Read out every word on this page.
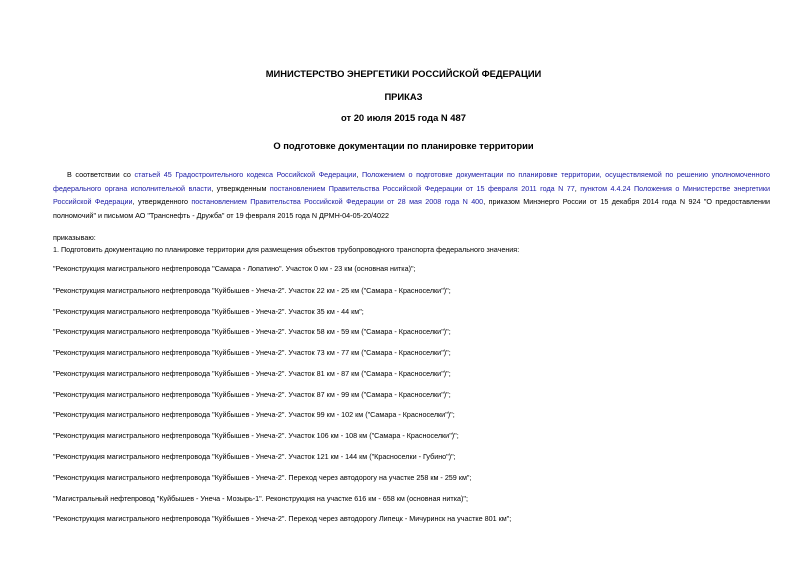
МИНИСТЕРСТВО ЭНЕРГЕТИКИ РОССИЙСКОЙ ФЕДЕРАЦИИ
ПРИКАЗ
от 20 июля 2015 года N 487
О подготовке документации по планировке территории
В соответствии со статьей 45 Градостроительного кодекса Российской Федерации, Положением о подготовке документации по планировке территории, осуществляемой по решению уполномоченного федерального органа исполнительной власти, утвержденным постановлением Правительства Российской Федерации от 15 февраля 2011 года N 77, пунктом 4.4.24 Положения о Министерстве энергетики Российской Федерации, утвержденного постановлением Правительства Российской Федерации от 28 мая 2008 года N 400, приказом Минэнерго России от 15 декабря 2014 года N 924 "О предоставлении полномочий" и письмом АО "Транснефть - Дружба" от 19 февраля 2015 года N ДРМН-04-05-20/4022
приказываю:
1. Подготовить документацию по планировке территории для размещения объектов трубопроводного транспорта федерального значения:
"Реконструкция магистрального нефтепровода "Самара - Лопатино". Участок 0 км - 23 км (основная нитка)";
"Реконструкция магистрального нефтепровода "Куйбышев - Унеча-2". Участок 22 км - 25 км ("Самара - Красноселки")";
"Реконструкция магистрального нефтепровода "Куйбышев - Унеча-2". Участок 35 км - 44 км";
"Реконструкция магистрального нефтепровода "Куйбышев - Унеча-2". Участок 58 км - 59 км ("Самара - Красноселки")";
"Реконструкция магистрального нефтепровода "Куйбышев - Унеча-2". Участок 73 км - 77 км ("Самара - Красноселки")";
"Реконструкция магистрального нефтепровода "Куйбышев - Унеча-2". Участок 81 км - 87 км ("Самара - Красноселки")";
"Реконструкция магистрального нефтепровода "Куйбышев - Унеча-2". Участок 87 км - 99 км ("Самара - Красноселки")";
"Реконструкция магистрального нефтепровода "Куйбышев - Унеча-2". Участок 99 км - 102 км ("Самара - Красноселки")";
"Реконструкция магистрального нефтепровода "Куйбышев - Унеча-2". Участок 106 км - 108 км ("Самара - Красноселки")";
"Реконструкция магистрального нефтепровода "Куйбышев - Унеча-2". Участок 121 км - 144 км ("Красноселки - Губино")";
"Реконструкция магистрального нефтепровода "Куйбышев - Унеча-2". Переход через автодорогу на участке 258 км - 259 км";
"Магистральный нефтепровод "Куйбышев - Унеча - Мозырь-1". Реконструкция на участке 616 км - 658 км (основная нитка)";
"Реконструкция магистрального нефтепровода "Куйбышев - Унеча-2". Переход через автодорогу Липецк - Мичуринск на участке 801 км";
